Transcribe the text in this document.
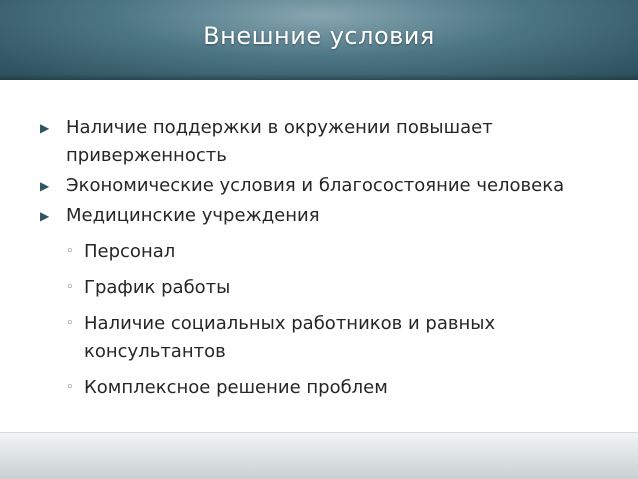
Внешние условия
▶ Наличие поддержки в окружении повышает приверженность
▶ Экономические условия и благосостояние человека
▶ Медицинские учреждения
◦ Персонал
◦ График работы
◦ Наличие социальных работников и равных консультантов
◦ Комплексное решение проблем
